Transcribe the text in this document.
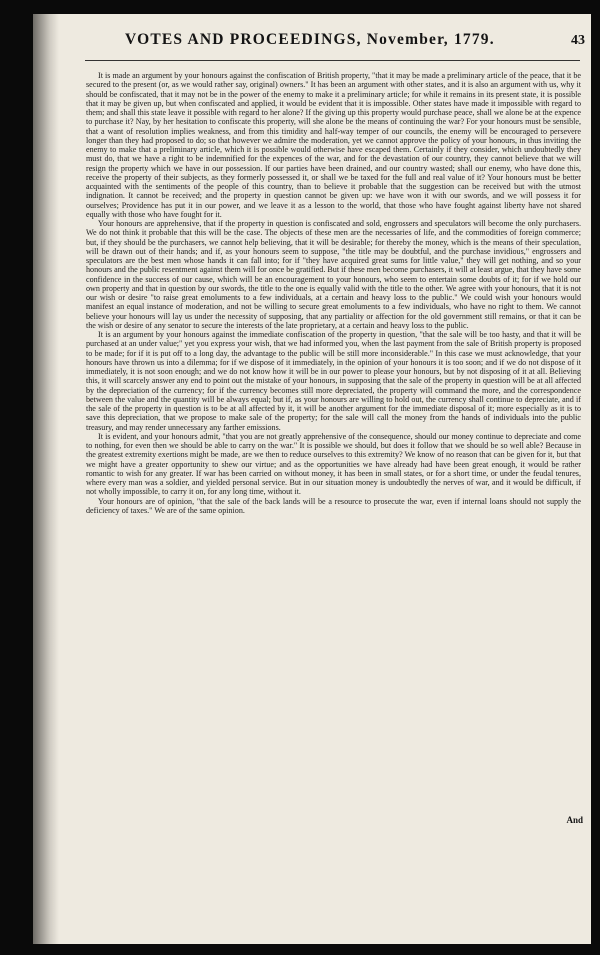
VOTES AND PROCEEDINGS, November, 1779.	43

It is made an argument by your honours against the confiscation of British property, "that it may be made a preliminary article of the peace, that it be secured to the present (or, as we would rather say, original) owners." It has been an argument with other states, and it is also an argument with us, why it should be confiscated, that it may not be in the power of the enemy to make it a preliminary article; for while it remains in its present state, it is possible that it may be given up, but when confiscated and applied, it would be evident that it is impossible. Other states have made it impossible with regard to them; and shall this state leave it possible with regard to her alone? If the giving up this property would purchase peace, shall we alone be at the expence to purchase it? Nay, by her hesitation to confiscate this property, will she alone be the means of continuing the war? For your honours must be sensible, that a want of resolution implies weakness, and from this timidity and half-way temper of our councils, the enemy will be encouraged to persevere longer than they had proposed to do; so that however we admire the moderation, yet we cannot approve the policy of your honours, in thus inviting the enemy to make that a preliminary article, which it is possible would otherwise have escaped them. Certainly if they consider, which undoubtedly they must do, that we have a right to be indemnified for the expences of the war, and for the devastation of our country, they cannot believe that we will resign the property which we have in our possession. If our parties have been drained, and our country wasted; shall our enemy, who have done this, receive the property of their subjects, as they formerly possessed it, or shall we be taxed for the full and real value of it? Your honours must be better acquainted with the sentiments of the people of this country, than to believe it probable that the suggestion can be received but with the utmost indignation. It cannot be received; and the property in question cannot be given up: we have won it with our swords, and we will possess it for ourselves; Providence has put it in our power, and we leave it as a lesson to the world, that those who have fought against liberty have not shared equally with those who have fought for it.

Your honours are apprehensive, that if the property in question is confiscated and sold, engrossers and speculators will become the only purchasers. We do not think it probable that this will be the case. The objects of these men are the necessaries of life, and the commodities of foreign commerce; but, if they should be the purchasers, we cannot help believing, that it will be desirable; for thereby the money, which is the means of their speculation, will be drawn out of their hands; and if, as your honours seem to suppose, "the title may be doubtful, and the purchase invidious," engrossers and speculators are the best men whose hands it can fall into; for if "they have acquired great sums for little value," they will get nothing, and so your honours and the public resentment against them will for once be gratified. But if these men become purchasers, it will at least argue, that they have some confidence in the success of our cause, which will be an encouragement to your honours, who seem to entertain some doubts of it; for if we hold our own property and that in question by our swords, the title to the one is equally valid with the title to the other. We agree with your honours, that it is not our wish or desire "to raise great emoluments to a few individuals, at a certain and heavy loss to the public." We could wish your honours would manifest an equal instance of moderation, and not be willing to secure great emoluments to a few individuals, who have no right to them. We cannot believe your honours will lay us under the necessity of supposing, that any partiality or affection for the old government still remains, or that it can be the wish or desire of any senator to secure the interests of the late proprietary, at a certain and heavy loss to the public.

It is an argument by your honours against the immediate confiscation of the property in question, "that the sale will be too hasty, and that it will be purchased at an under value;" yet you express your wish, that we had informed you, when the last payment from the sale of British property is proposed to be made; for if it is put off to a long day, the advantage to the public will be still more inconsiderable." In this case we must acknowledge, that your honours have thrown us into a dilemma; for if we dispose of it immediately, in the opinion of your honours it is too soon; and if we do not dispose of it immediately, it is not soon enough; and we do not know how it will be in our power to please your honours, but by not disposing of it at all. Believing this, it will scarcely answer any end to point out the mistake of your honours, in supposing that the sale of the property in question will be at all affected by the depreciation of the currency; for if the currency becomes still more depreciated, the property will command the more, and the correspondence between the value and the quantity will be always equal; but if, as your honours are willing to hold out, the currency shall continue to depreciate, and if the sale of the property in question is to be at all affected by it, it will be another argument for the immediate disposal of it; more especially as it is to save this depreciation, that we propose to make sale of the property; for the sale will call the money from the hands of individuals into the public treasury, and may render unnecessary any farther emissions.

It is evident, and your honours admit, "that you are not greatly apprehensive of the consequence, should our money continue to depreciate and come to nothing, for even then we should be able to carry on the war." It is possible we should, but does it follow that we should be so well able? Because in the greatest extremity exertions might be made, are we then to reduce ourselves to this extremity? We know of no reason that can be given for it, but that we might have a greater opportunity to shew our virtue; and as the opportunities we have already had have been great enough, it would be rather romantic to wish for any greater. If war has been carried on without money, it has been in small states, or for a short time, or under the feudal tenures, where every man was a soldier, and yielded personal service. But in our situation money is undoubtedly the nerves of war, and it would be difficult, if not wholly impossible, to carry it on, for any long time, without it.

Your honours are of opinion, "that the sale of the back lands will be a resource to prosecute the war, even if internal loans should not supply the deficiency of taxes." We are of the same opinion.

And
